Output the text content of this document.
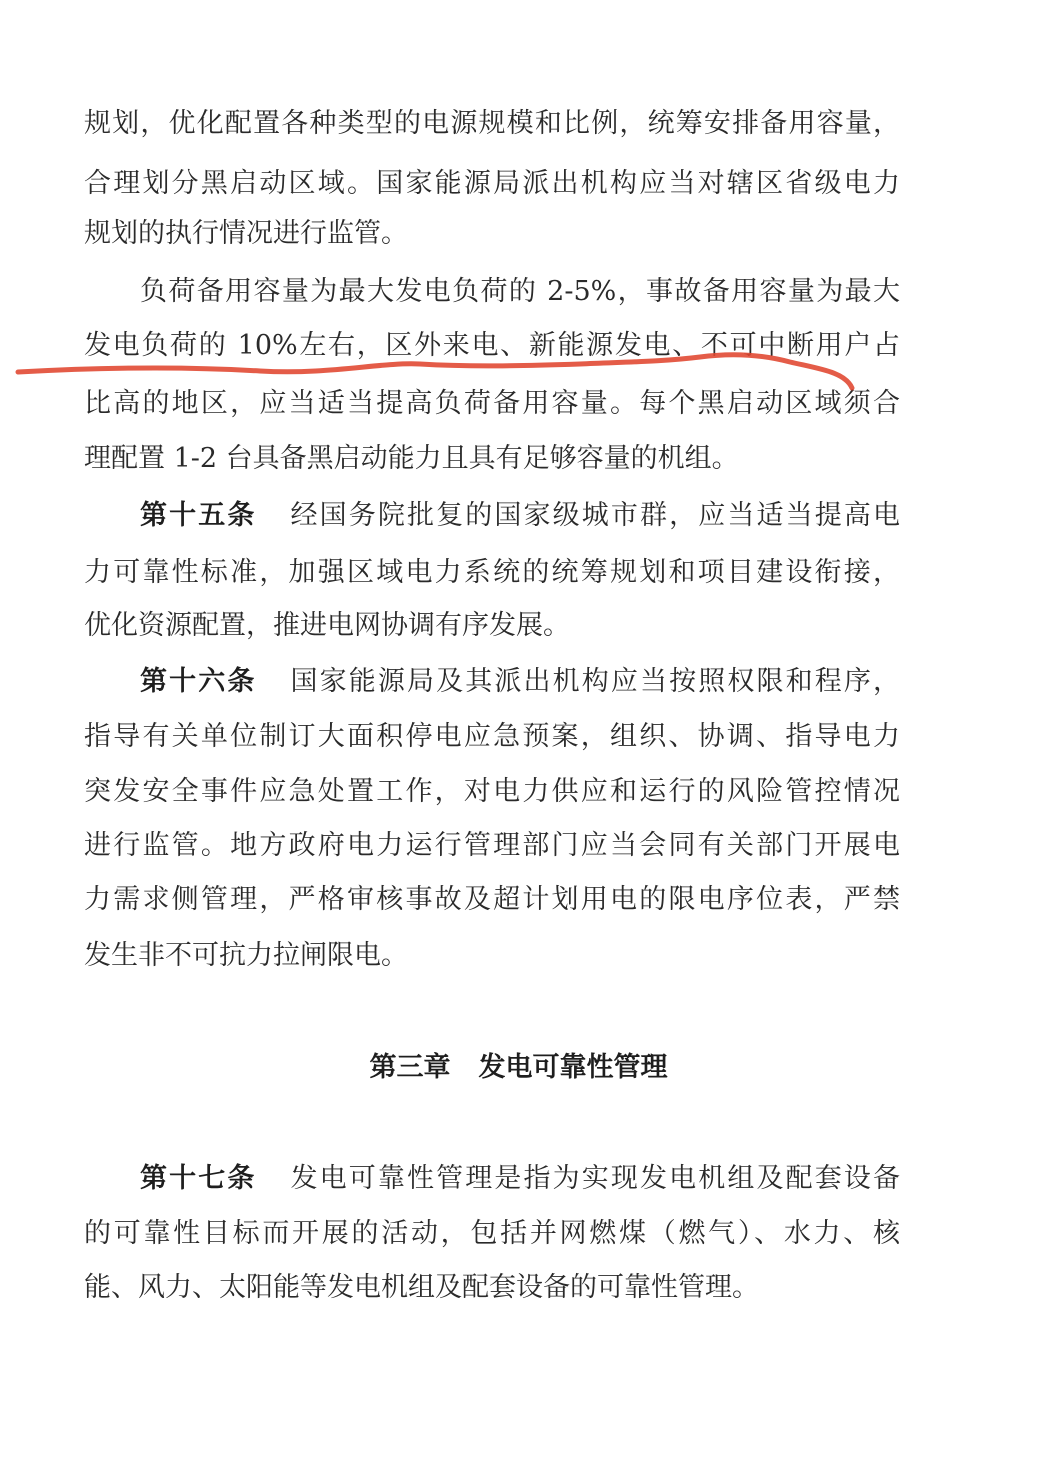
规划，优化配置各种类型的电源规模和比例，统筹安排备用容量，
合理划分黑启动区域。国家能源局派出机构应当对辖区省级电力
规划的执行情况进行监管。
负荷备用容量为最大发电负荷的 2-5%，事故备用容量为最大
发电负荷的 10%左右，区外来电、新能源发电、不可中断用户占
比高的地区，应当适当提高负荷备用容量。每个黑启动区域须合
理配置 1-2 台具备黑启动能力且具有足够容量的机组。
第十五条 经国务院批复的国家级城市群，应当适当提高电
力可靠性标准，加强区域电力系统的统筹规划和项目建设衔接，
优化资源配置，推进电网协调有序发展。
第十六条 国家能源局及其派出机构应当按照权限和程序，
指导有关单位制订大面积停电应急预案，组织、协调、指导电力
突发安全事件应急处置工作，对电力供应和运行的风险管控情况
进行监管。地方政府电力运行管理部门应当会同有关部门开展电
力需求侧管理，严格审核事故及超计划用电的限电序位表，严禁
发生非不可抗力拉闸限电。
第三章 发电可靠性管理
第十七条 发电可靠性管理是指为实现发电机组及配套设备
的可靠性目标而开展的活动，包括并网燃煤（燃气）、水力、核
能、风力、太阳能等发电机组及配套设备的可靠性管理。
